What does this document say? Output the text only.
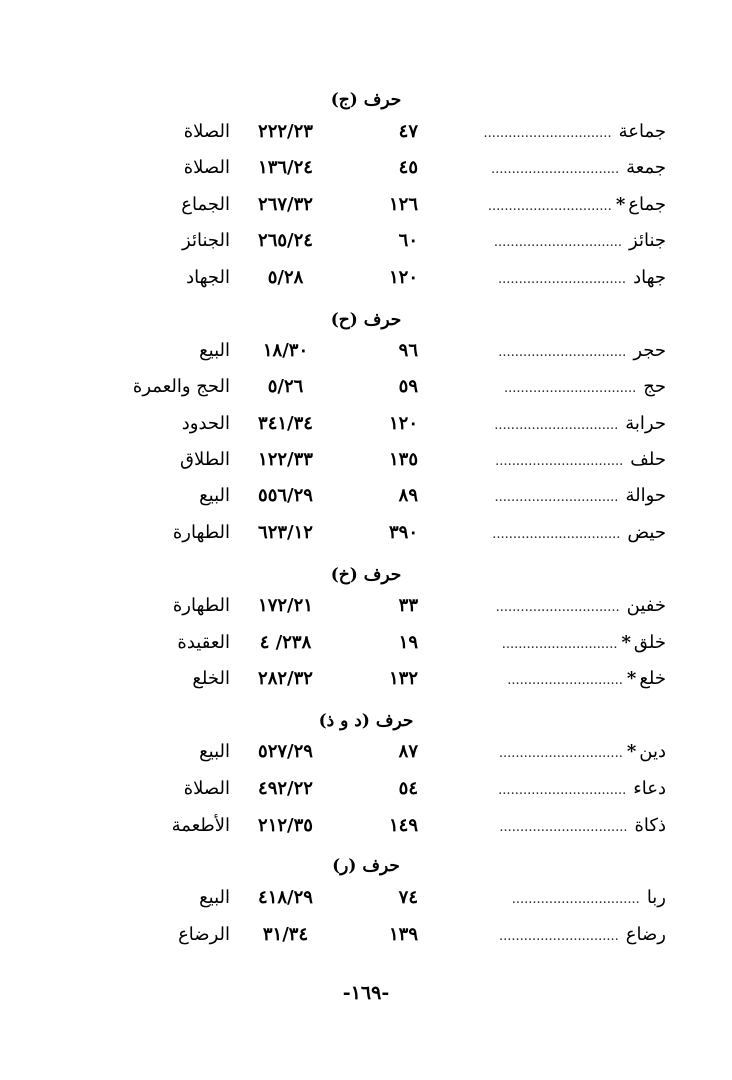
حرف (ج)
جماعة...............................
٤٧
٢٢٢/٢٣
الصلاة
جمعة...............................
٤٥
١٣٦/٢٤
الصلاة
جماع*..............................
١٢٦
٢٦٧/٣٢
الجماع
جنائز...............................
٦٠
٢٦٥/٢٤
الجنائز
جهاد...............................
١٢٠
٥/٢٨
الجهاد
حرف (ح)
حجر...............................
٩٦
١٨/٣٠
البيع
حج................................
٥٩
٥/٢٦
الحج والعمرة
حرابة..............................
١٢٠
٣٤١/٣٤
الحدود
حلف...............................
١٣٥
١٢٢/٣٣
الطلاق
حوالة..............................
٨٩
٥٥٦/٢٩
البيع
حيض...............................
٣٩٠
٦٢٣/١٢
الطهارة
حرف (خ)
خفين..............................
٣٣
١٧٢/٢١
الطهارة
خلق*............................
١٩
٢٣٨/ ٤
العقيدة
خلع*............................
١٣٢
٢٨٢/٣٢
الخلع
حرف (د و ذ)
دين*..............................
٨٧
٥٢٧/٢٩
البيع
دعاء...............................
٥٤
٤٩٢/٢٢
الصلاة
ذكاة...............................
١٤٩
٢١٢/٣٥
الأطعمة
حرف (ر)
ربا...............................
٧٤
٤١٨/٢٩
البيع
رضاع.............................
١٣٩
٣١/٣٤
الرضاع
-١٦٩-
